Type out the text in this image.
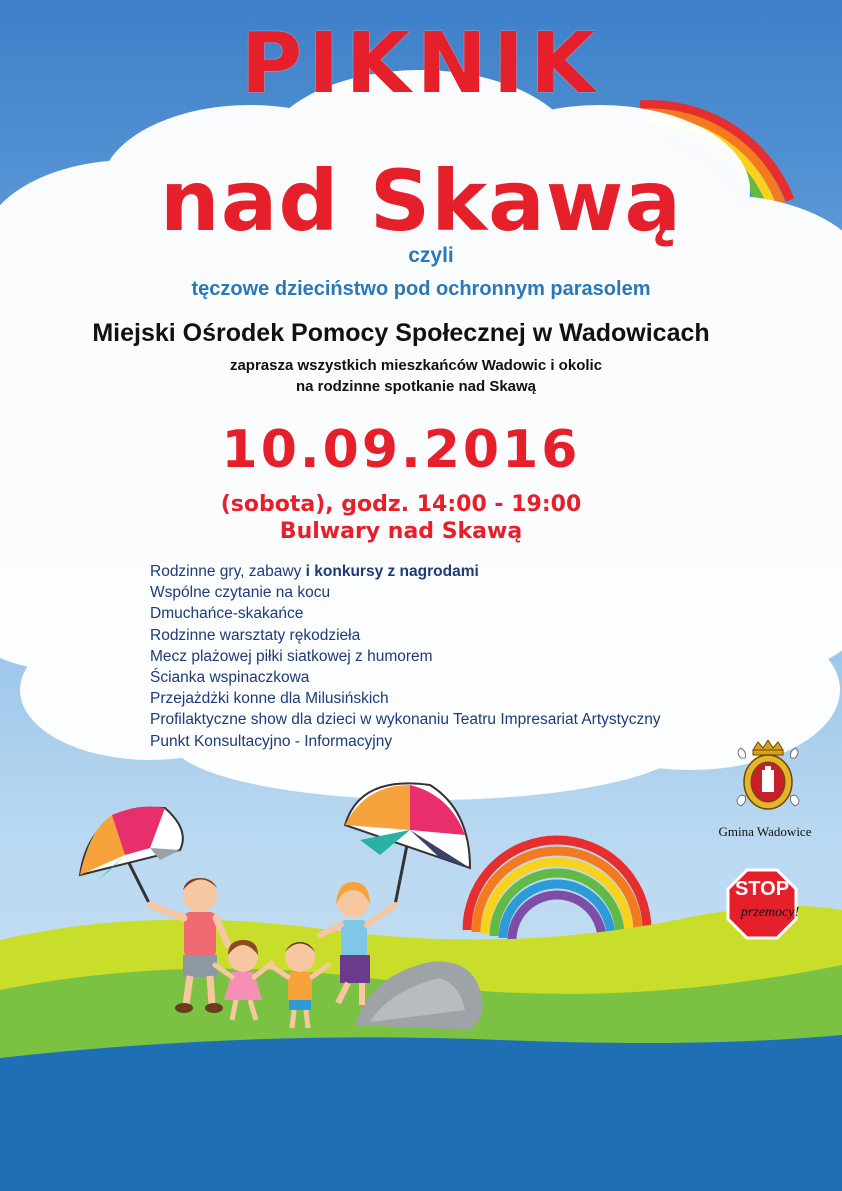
PIKNIK
nad Skawą

czyli

tęczowe dzieciństwo pod ochronnym parasolem

Miejski Ośrodek Pomocy Społecznej w Wadowicach

zaprasza wszystkich mieszkańców Wadowic i okolic

na rodzinne spotkanie nad Skawą

10.09.2016

(sobota), godz. 14:00 - 19:00

Bulwary nad Skawą

Rodzinne gry, zabawy i konkursy z nagrodami
Wspólne czytanie na kocu
Dmuchańce-skakańce
Rodzinne warsztaty rękodzieła
Mecz plażowej piłki siatkowej z humorem
Ścianka wspinaczkowa
Przejażdżki konne dla Milusińskich
Profilaktyczne show dla dzieci w wykonaniu Teatru Impresariat Artystyczny
Punkt Konsultacyjno - Informacyjny

Gmina Wadowice

STOP
przemocy!
